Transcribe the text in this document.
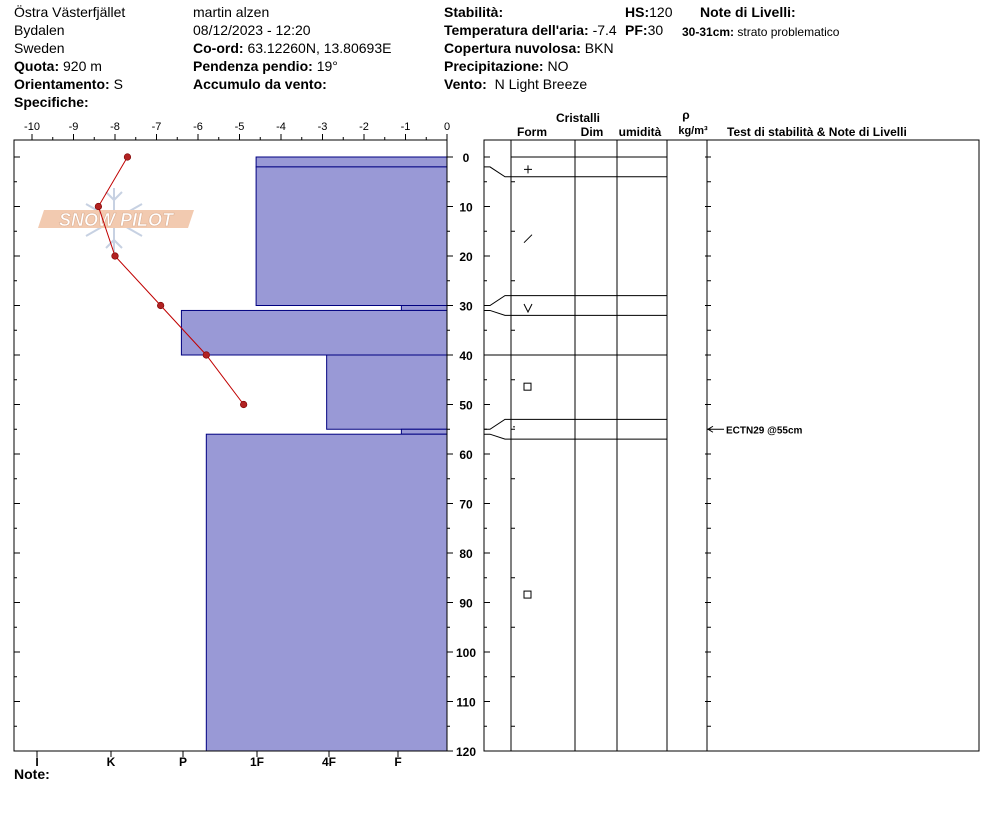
Östra Västerfjället
Bydalen
Sweden
Quota: 920 m
Orientamento: S
Specifiche:
martin alzen
08/12/2023 - 12:20
Co-ord: 63.12260N, 13.80693E
Pendenza pendio: 19°
Accumulo da vento:
Stabilità:
Temperatura dell'aria: -7.4
Copertura nuvolosa: BKN
Precipitazione: NO
Vento: N Light Breeze
HS:120
PF:30
Note di Livelli:
30-31cm: strato problematico
Note:
SNOW PILOT
-10	-9	-8	-7	-6	-5	-4	-3	-2	-1	0
0
10
20
30
40
50
60
70
80
90
100
110
120
I	K	P	1F	4F	F
Cristalli
Form	Dim umidità
ρ
kg/m³ Test di stabilità & Note di Livelli
ECTN29 @55cm
